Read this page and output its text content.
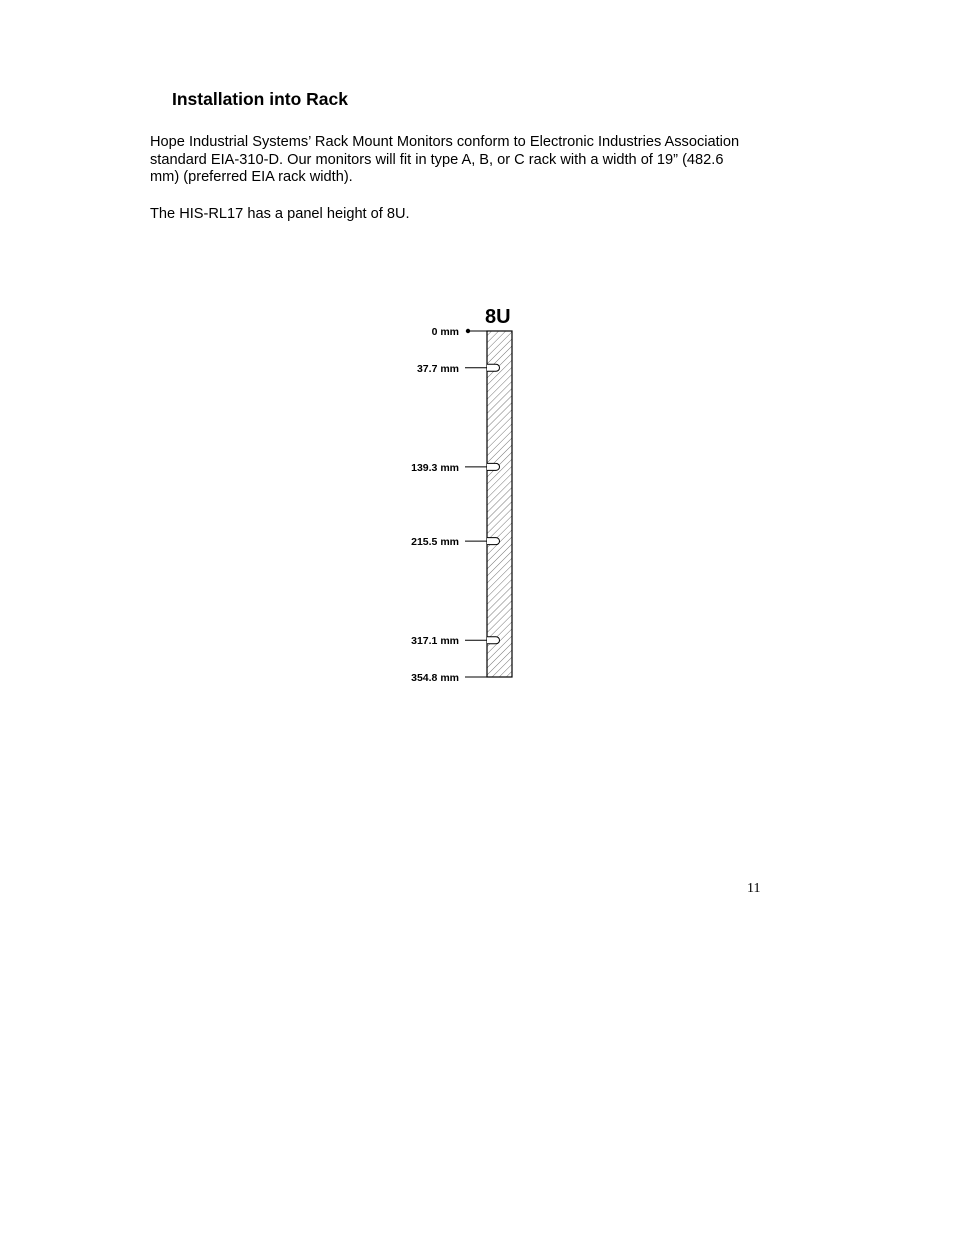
Installation into Rack

Hope Industrial Systems’ Rack Mount Monitors conform to Electronic Industries Association
standard EIA-310-D. Our monitors will fit in type A, B, or C rack with a width of 19” (482.6
mm) (preferred EIA rack width).

The HIS-RL17 has a panel height of 8U.

8U
0 mm
37.7 mm
139.3 mm
215.5 mm
317.1 mm
354.8 mm
11
